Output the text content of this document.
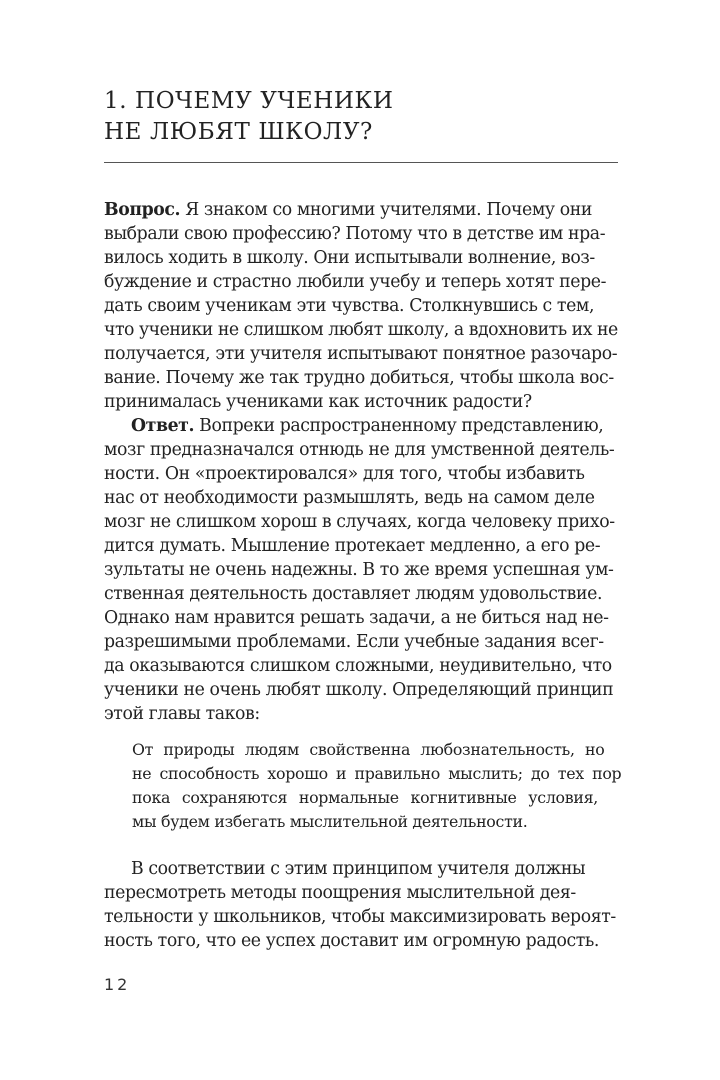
1. ПОЧЕМУ УЧЕНИКИ
НЕ ЛЮБЯТ ШКОЛУ?
Вопрос. Я знаком со многими учителями. Почему они
выбрали свою профессию? Потому что в детстве им нра-
вилось ходить в школу. Они испытывали волнение, воз-
буждение и страстно любили учебу и теперь хотят пере-
дать своим ученикам эти чувства. Столкнувшись с тем,
что ученики не слишком любят школу, а вдохновить их не
получается, эти учителя испытывают понятное разочаро-
вание. Почему же так трудно добиться, чтобы школа вос-
принималась учениками как источник радости?
Ответ. Вопреки распространенному представлению,
мозг предназначался отнюдь не для умственной деятель-
ности. Он «проектировался» для того, чтобы избавить
нас от необходимости размышлять, ведь на самом деле
мозг не слишком хорош в случаях, когда человеку прихо-
дится думать. Мышление протекает медленно, а его ре-
зультаты не очень надежны. В то же время успешная ум-
ственная деятельность доставляет людям удовольствие.
Однако нам нравится решать задачи, а не биться над не-
разрешимыми проблемами. Если учебные задания всег-
да оказываются слишком сложными, неудивительно, что
ученики не очень любят школу. Определяющий принцип
этой главы таков:
От природы людям свойственна любознательность, но
не способность хорошо и правильно мыслить; до тех пор
пока сохраняются нормальные когнитивные условия,
мы будем избегать мыслительной деятельности.
В соответствии с этим принципом учителя должны
пересмотреть методы поощрения мыслительной дея-
тельности у школьников, чтобы максимизировать вероят-
ность того, что ее успех доставит им огромную радость.
12
